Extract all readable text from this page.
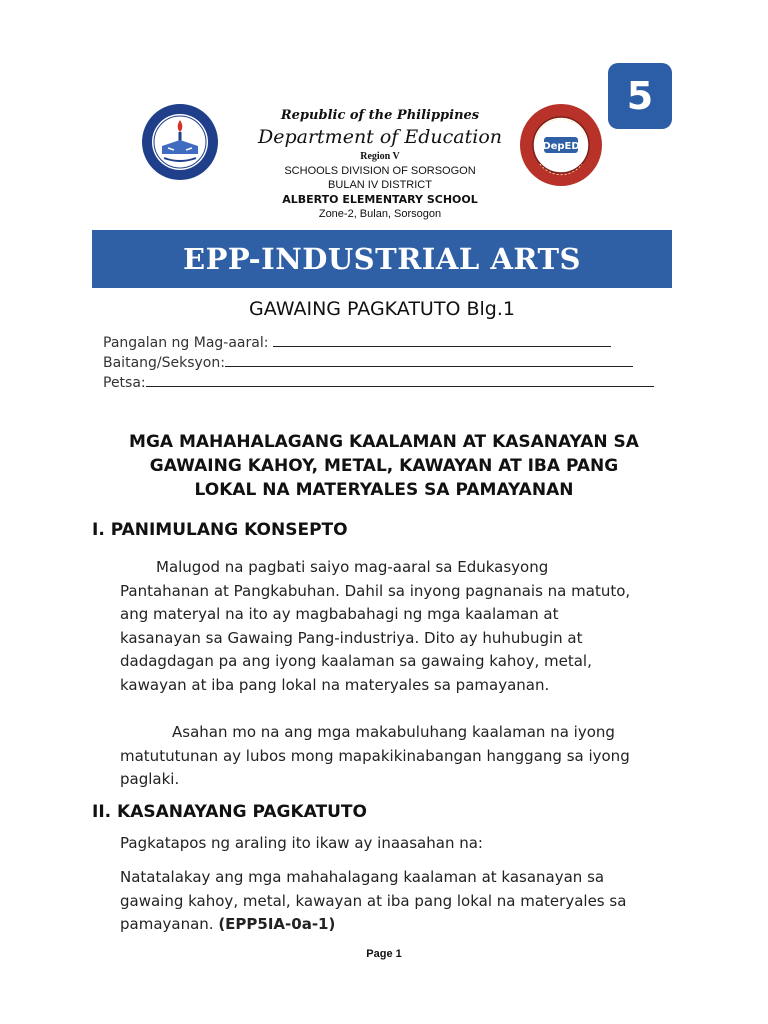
5
Republic of the Philippines
Department of Education
Region V
SCHOOLS DIVISION OF SORSOGON
BULAN IV DISTRICT
ALBERTO ELEMENTARY SCHOOL
Zone-2, Bulan, Sorsogon
DepED
EPP-INDUSTRIAL ARTS
GAWAING PAGKATUTO Blg.1
Pangalan ng Mag-aaral:
Baitang/Seksyon:
Petsa:
MGA MAHAHALAGANG KAALAMAN AT KASANAYAN SA
GAWAING KAHOY, METAL, KAWAYAN AT IBA PANG
LOKAL NA MATERYALES SA PAMAYANAN
I. PANIMULANG KONSEPTO
Malugod na pagbati saiyo mag-aaral sa Edukasyong Pantahanan at Pangkabuhan. Dahil sa inyong pagnanais na matuto, ang materyal na ito ay magbabahagi ng mga kaalaman at kasanayan sa Gawaing Pang-industriya. Dito ay huhubugin at dadagdagan pa ang iyong kaalaman sa gawaing kahoy, metal, kawayan at iba pang lokal na materyales sa pamayanan.
Asahan mo na ang mga makabuluhang kaalaman na iyong matututunan ay lubos mong mapakikinabangan hanggang sa iyong paglaki.
II. KASANAYANG PAGKATUTO
Pagkatapos ng araling ito ikaw ay inaasahan na:
Natatalakay ang mga mahahalagang kaalaman at kasanayan sa gawaing kahoy, metal, kawayan at iba pang lokal na materyales sa pamayanan. (EPP5IA-0a-1)
Page 1
